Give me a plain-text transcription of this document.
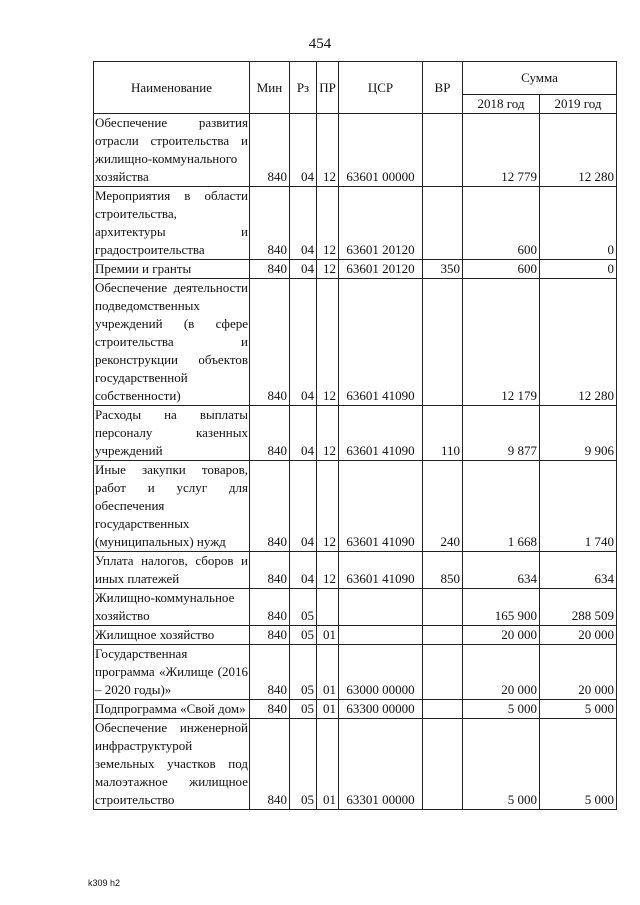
454
Наименование	Мин	Рз	ПР	ЦСР	ВР	Сумма	
						2018 год	2019 год
Обеспечение развития отрасли строительства и жилищно-коммунального хозяйства	840	04	12	63601 00000		12 779	12 280
Мероприятия в области строительства, архитектуры и градостроительства	840	04	12	63601 20120		600	0
Премии и гранты	840	04	12	63601 20120	350	600	0
Обеспечение деятельности подведомственных учреждений (в сфере строительства и реконструкции объектов государственной собственности)	840	04	12	63601 41090		12 179	12 280
Расходы на выплаты персоналу казенных учреждений	840	04	12	63601 41090	110	9 877	9 906
Иные закупки товаров, работ и услуг для обеспечения государственных (муниципальных) нужд	840	04	12	63601 41090	240	1 668	1 740
Уплата налогов, сборов и иных платежей	840	04	12	63601 41090	850	634	634
Жилищно-коммунальное хозяйство	840	05				165 900	288 509
Жилищное хозяйство	840	05	01			20 000	20 000
Государственная программа «Жилище (2016 – 2020 годы)»	840	05	01	63000 00000		20 000	20 000
Подпрограмма «Свой дом»	840	05	01	63300 00000		5 000	5 000
Обеспечение инженерной инфраструктурой земельных участков под малоэтажное жилищное строительство	840	05	01	63301 00000		5 000	5 000
k309 h2
